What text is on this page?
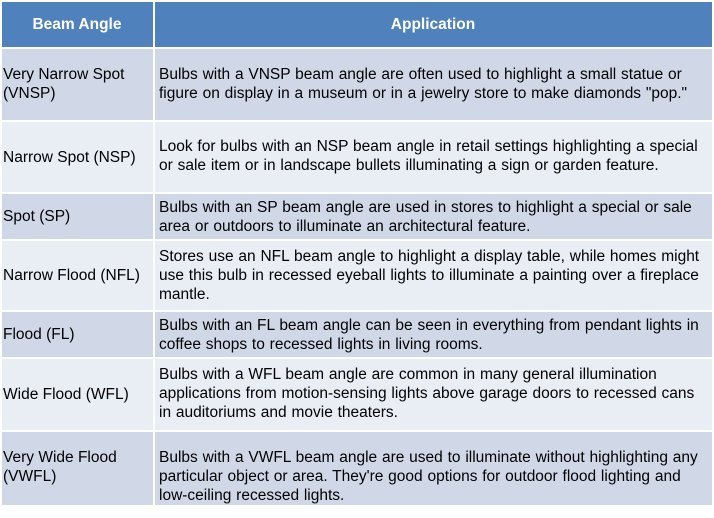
Beam Angle	Application

Very Narrow Spot (VNSP)	Bulbs with a VNSP beam angle are often used to highlight a small statue or figure on display in a museum or in a jewelry store to make diamonds "pop."

Narrow Spot (NSP)	Look for bulbs with an NSP beam angle in retail settings highlighting a special or sale item or in landscape bullets illuminating a sign or garden feature.

Spot (SP)	Bulbs with an SP beam angle are used in stores to highlight a special or sale area or outdoors to illuminate an architectural feature.

Narrow Flood (NFL)	Stores use an NFL beam angle to highlight a display table, while homes might use this bulb in recessed eyeball lights to illuminate a painting over a fireplace mantle.

Flood (FL)	Bulbs with an FL beam angle can be seen in everything from pendant lights in coffee shops to recessed lights in living rooms.

Wide Flood (WFL)	Bulbs with a WFL beam angle are common in many general illumination applications from motion-sensing lights above garage doors to recessed cans in auditoriums and movie theaters.

Very Wide Flood (VWFL)	Bulbs with a VWFL beam angle are used to illuminate without highlighting any particular object or area. They're good options for outdoor flood lighting and low-ceiling recessed lights.
